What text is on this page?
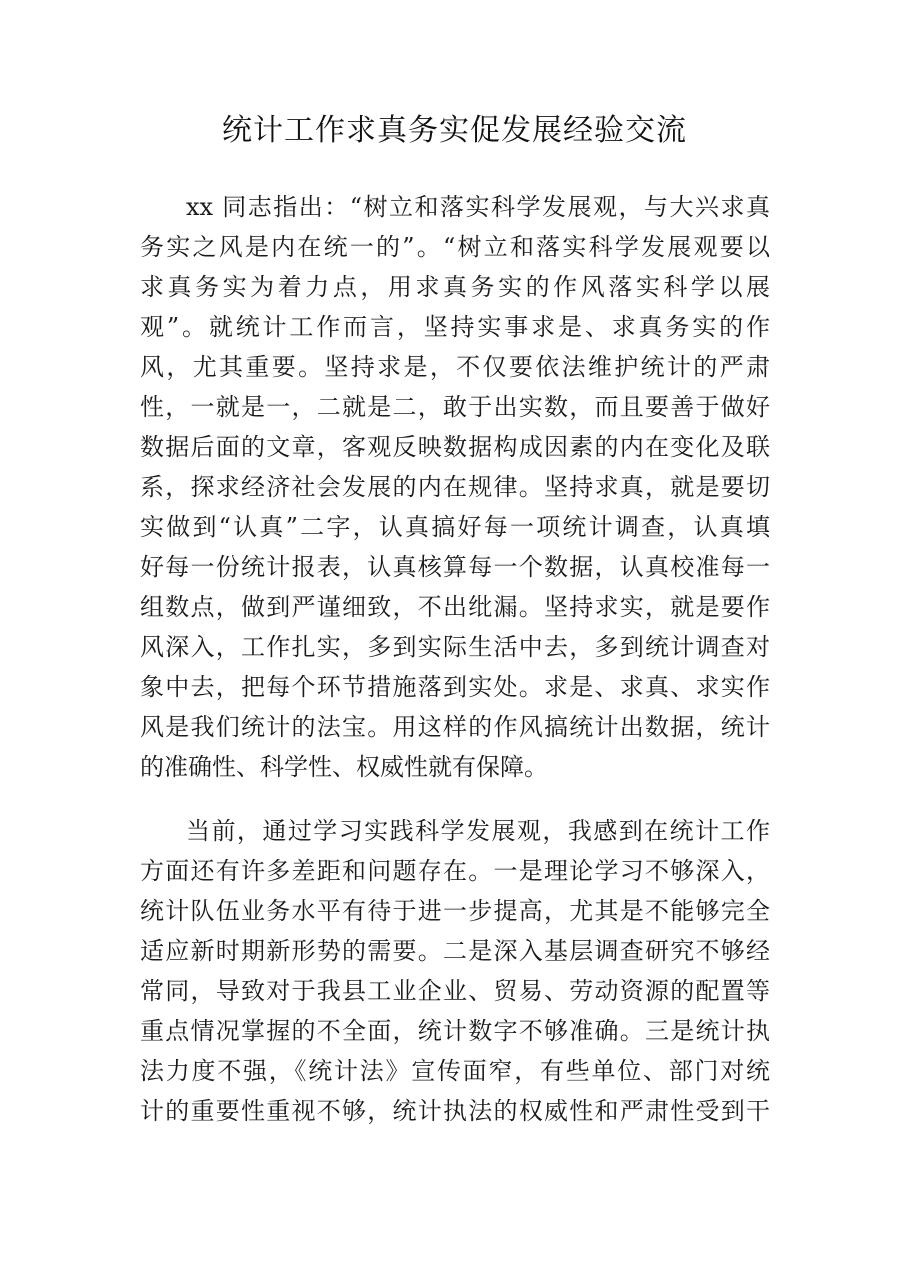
统计工作求真务实促发展经验交流
xx 同志指出：“树立和落实科学发展观，与大兴求真
务实之风是内在统一的”。“树立和落实科学发展观要以
求真务实为着力点，用求真务实的作风落实科学以展
观”。就统计工作而言，坚持实事求是、求真务实的作
风，尤其重要。坚持求是，不仅要依法维护统计的严肃
性，一就是一，二就是二，敢于出实数，而且要善于做好
数据后面的文章，客观反映数据构成因素的内在变化及联
系，探求经济社会发展的内在规律。坚持求真，就是要切
实做到“认真”二字，认真搞好每一项统计调查，认真填
好每一份统计报表，认真核算每一个数据，认真校准每一
组数点，做到严谨细致，不出纰漏。坚持求实，就是要作
风深入，工作扎实，多到实际生活中去，多到统计调查对
象中去，把每个环节措施落到实处。求是、求真、求实作
风是我们统计的法宝。用这样的作风搞统计出数据，统计
的准确性、科学性、权威性就有保障。
当前，通过学习实践科学发展观，我感到在统计工作
方面还有许多差距和问题存在。一是理论学习不够深入，
统计队伍业务水平有待于进一步提高，尤其是不能够完全
适应新时期新形势的需要。二是深入基层调查研究不够经
常同，导致对于我县工业企业、贸易、劳动资源的配置等
重点情况掌握的不全面，统计数字不够准确。三是统计执
法力度不强，《统计法》宣传面窄，有些单位、部门对统
计的重要性重视不够，统计执法的权威性和严肃性受到干
